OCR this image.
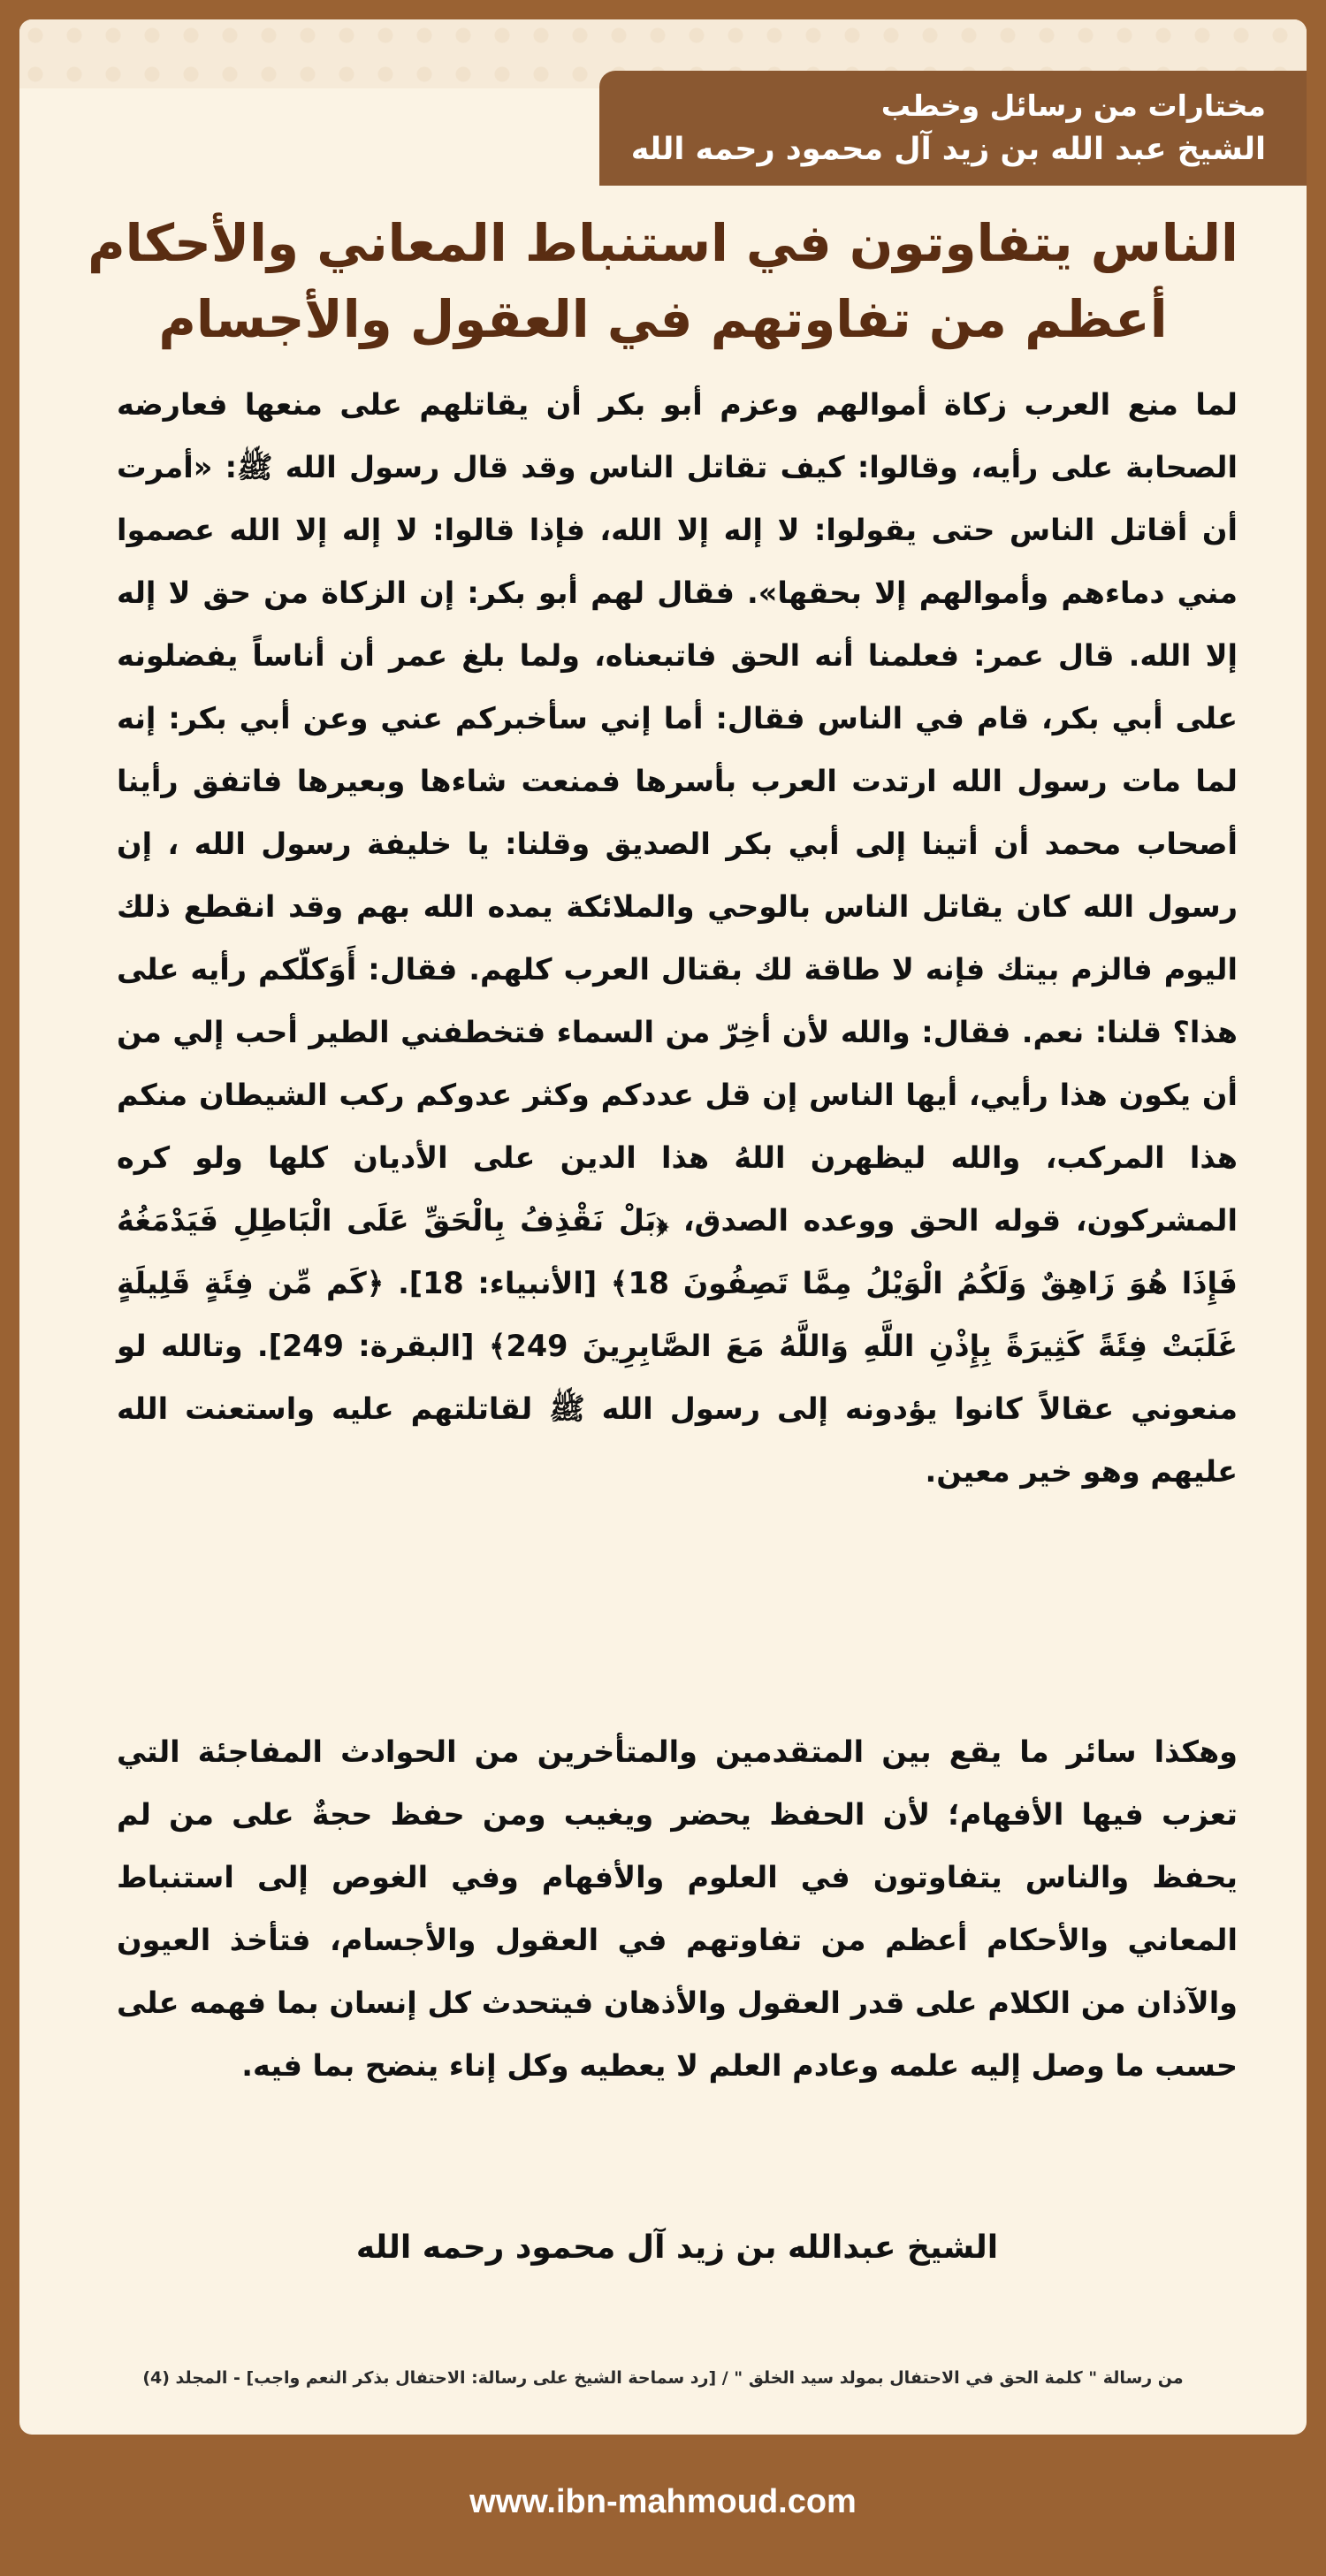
مختارات من رسائل وخطب
الشيخ عبد الله بن زيد آل محمود رحمه الله
الناس يتفاوتون في استنباط المعاني والأحكام
أعظم من تفاوتهم في العقول والأجسام
لما منع العرب زكاة أموالهم وعزم أبو بكر أن يقاتلهم على منعها فعارضه الصحابة على رأيه، وقالوا: كيف تقاتل الناس وقد قال رسول الله ﷺ: «أمرت أن أقاتل الناس حتى يقولوا: لا إله إلا الله، فإذا قالوا: لا إله إلا الله عصموا مني دماءهم وأموالهم إلا بحقها». فقال لهم أبو بكر: إن الزكاة من حق لا إله إلا الله. قال عمر: فعلمنا أنه الحق فاتبعناه، ولما بلغ عمر أن أناساً يفضلونه على أبي بكر، قام في الناس فقال: أما إني سأخبركم عني وعن أبي بكر: إنه لما مات رسول الله ارتدت العرب بأسرها فمنعت شاءها وبعيرها فاتفق رأينا أصحاب محمد أن أتينا إلى أبي بكر الصديق وقلنا: يا خليفة رسول الله ، إن رسول الله كان يقاتل الناس بالوحي والملائكة يمده الله بهم وقد انقطع ذلك اليوم فالزم بيتك فإنه لا طاقة لك بقتال العرب كلهم. فقال: أَوَكلّكم رأيه على هذا؟ قلنا: نعم. فقال: والله لأن أخِرّ من السماء فتخطفني الطير أحب إلي من أن يكون هذا رأيي، أيها الناس إن قل عددكم وكثر عدوكم ركب الشيطان منكم هذا المركب، والله ليظهرن اللهُ هذا الدين على الأديان كلها ولو كره المشركون، قوله الحق ووعده الصدق، ﴿بَلْ نَقْذِفُ بِالْحَقِّ عَلَى الْبَاطِلِ فَيَدْمَغُهُ فَإِذَا هُوَ زَاهِقٌ وَلَكُمُ الْوَيْلُ مِمَّا تَصِفُونَ 18﴾ [الأنبياء: 18]. ﴿كَم مِّن فِئَةٍ قَلِيلَةٍ غَلَبَتْ فِئَةً كَثِيرَةً بِإِذْنِ اللَّهِ وَاللَّهُ مَعَ الصَّابِرِينَ 249﴾ [البقرة: 249]. وتالله لو منعوني عقالاً كانوا يؤدونه إلى رسول الله ﷺ لقاتلتهم عليه واستعنت الله عليهم وهو خير معين.
وهكذا سائر ما يقع بين المتقدمين والمتأخرين من الحوادث المفاجئة التي تعزب فيها الأفهام؛ لأن الحفظ يحضر ويغيب ومن حفظ حجةٌ على من لم يحفظ والناس يتفاوتون في العلوم والأفهام وفي الغوص إلى استنباط المعاني والأحكام أعظم من تفاوتهم في العقول والأجسام، فتأخذ العيون والآذان من الكلام على قدر العقول والأذهان فيتحدث كل إنسان بما فهمه على حسب ما وصل إليه علمه وعادم العلم لا يعطيه وكل إناء ينضح بما فيه.
الشيخ عبدالله بن زيد آل محمود رحمه الله
من رسالة " كلمة الحق في الاحتفال بمولد سيد الخلق " / [رد سماحة الشيخ على رسالة: الاحتفال بذكر النعم واجب] - المجلد (4)
www.ibn-mahmoud.com
